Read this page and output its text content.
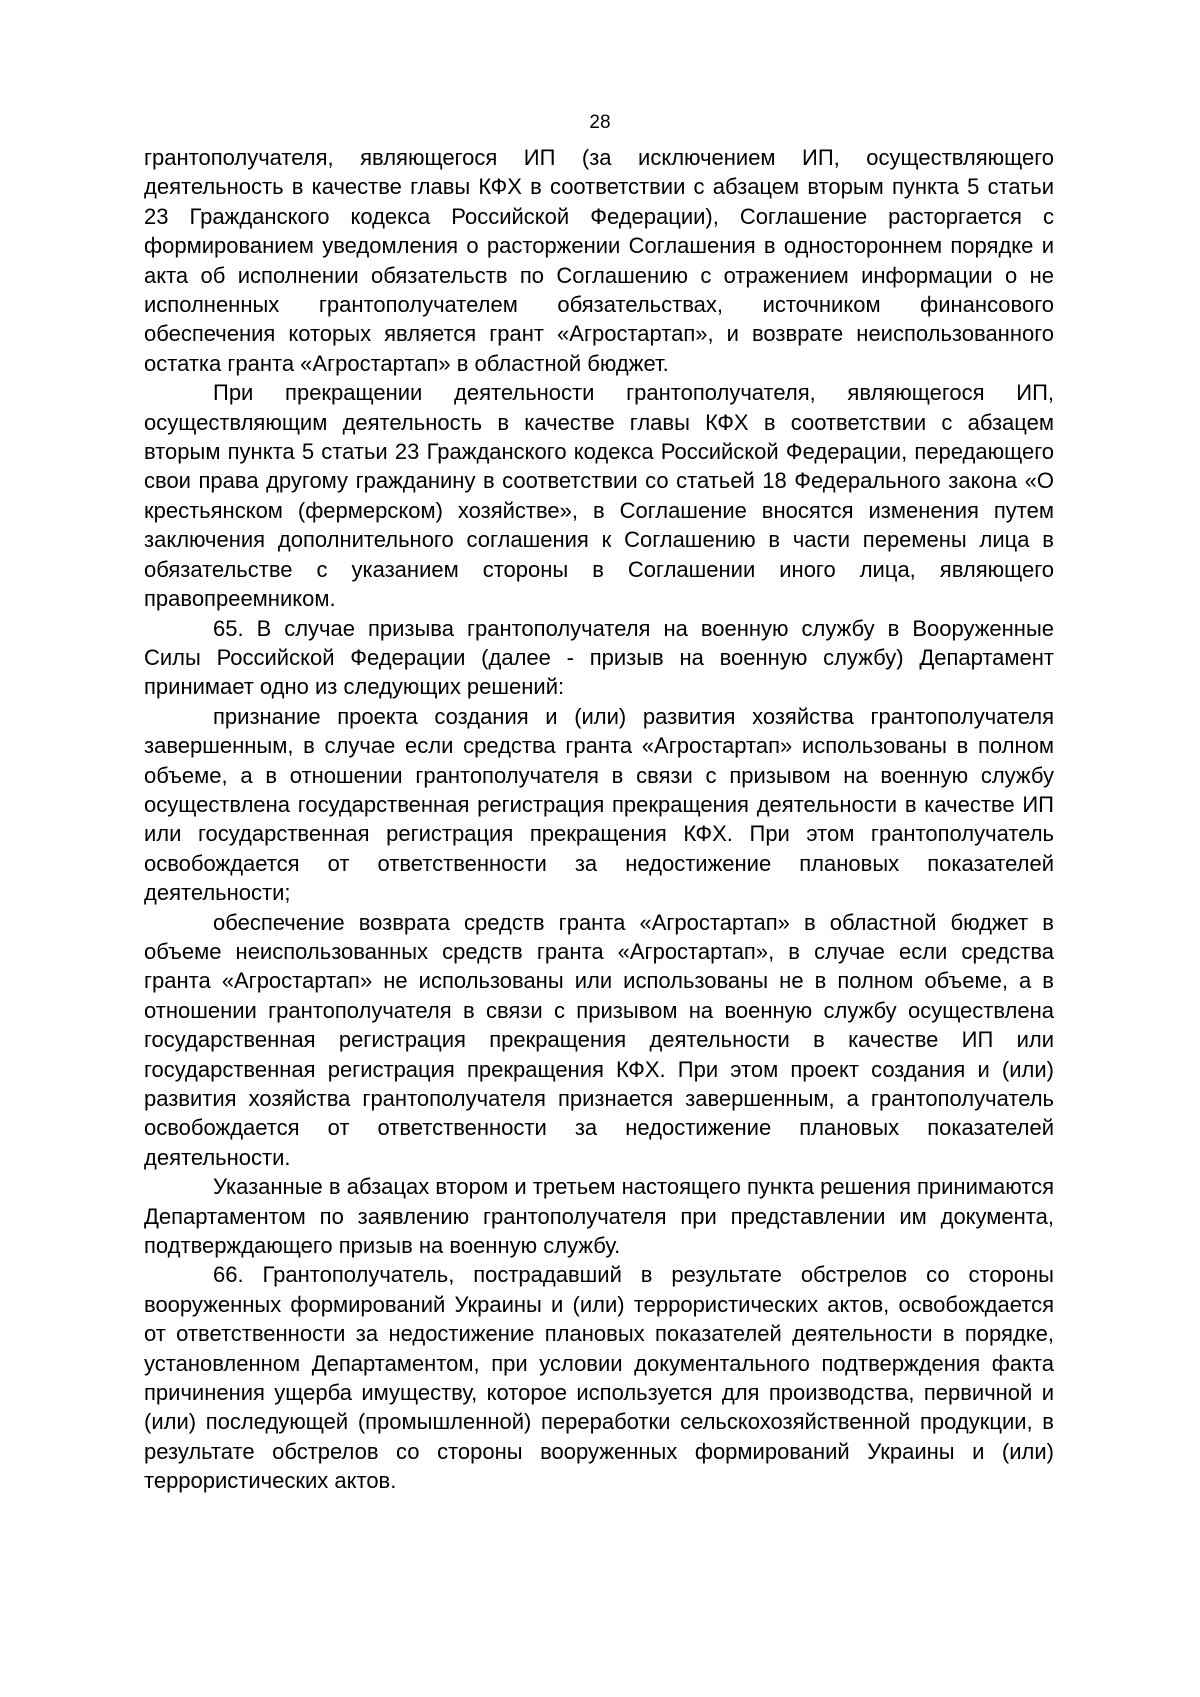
28

грантополучателя, являющегося ИП (за исключением ИП, осуществляющего деятельность в качестве главы КФХ в соответствии с абзацем вторым пункта 5 статьи 23 Гражданского кодекса Российской Федерации), Соглашение расторгается с формированием уведомления о расторжении Соглашения в одностороннем порядке и акта об исполнении обязательств по Соглашению с отражением информации о не исполненных грантополучателем обязательствах, источником финансового обеспечения которых является грант «Агростартап», и возврате неиспользованного остатка гранта «Агростартап» в областной бюджет.

При прекращении деятельности грантополучателя, являющегося ИП, осуществляющим деятельность в качестве главы КФХ в соответствии с абзацем вторым пункта 5 статьи 23 Гражданского кодекса Российской Федерации, передающего свои права другому гражданину в соответствии со статьей 18 Федерального закона «О крестьянском (фермерском) хозяйстве», в Соглашение вносятся изменения путем заключения дополнительного соглашения к Соглашению в части перемены лица в обязательстве с указанием стороны в Соглашении иного лица, являющего правопреемником.

65. В случае призыва грантополучателя на военную службу в Вооруженные Силы Российской Федерации (далее - призыв на военную службу) Департамент принимает одно из следующих решений:

признание проекта создания и (или) развития хозяйства грантополучателя завершенным, в случае если средства гранта «Агростартап» использованы в полном объеме, а в отношении грантополучателя в связи с призывом на военную службу осуществлена государственная регистрация прекращения деятельности в качестве ИП или государственная регистрация прекращения КФХ. При этом грантополучатель освобождается от ответственности за недостижение плановых показателей деятельности;

обеспечение возврата средств гранта «Агростартап» в областной бюджет в объеме неиспользованных средств гранта «Агростартап», в случае если средства гранта «Агростартап» не использованы или использованы не в полном объеме, а в отношении грантополучателя в связи с призывом на военную службу осуществлена государственная регистрация прекращения деятельности в качестве ИП или государственная регистрация прекращения КФХ. При этом проект создания и (или) развития хозяйства грантополучателя признается завершенным, а грантополучатель освобождается от ответственности за недостижение плановых показателей деятельности.

Указанные в абзацах втором и третьем настоящего пункта решения принимаются Департаментом по заявлению грантополучателя при представлении им документа, подтверждающего призыв на военную службу.

66. Грантополучатель, пострадавший в результате обстрелов со стороны вооруженных формирований Украины и (или) террористических актов, освобождается от ответственности за недостижение плановых показателей деятельности в порядке, установленном Департаментом, при условии документального подтверждения факта причинения ущерба имуществу, которое используется для производства, первичной и (или) последующей (промышленной) переработки сельскохозяйственной продукции, в результате обстрелов со стороны вооруженных формирований Украины и (или) террористических актов.
